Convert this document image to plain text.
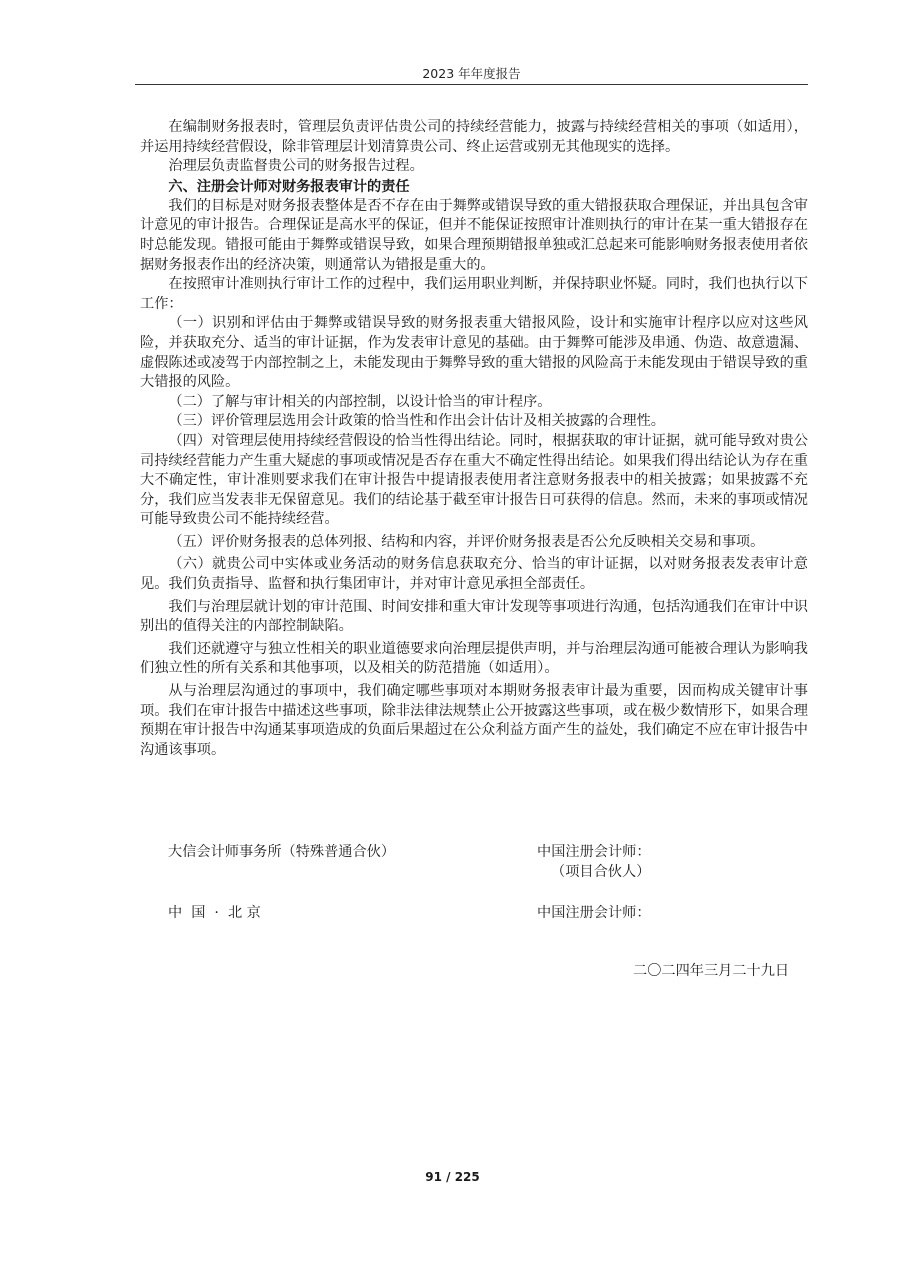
2023 年年度报告

在编制财务报表时，管理层负责评估贵公司的持续经营能力，披露与持续经营相关的事项（如适用），并运用持续经营假设，除非管理层计划清算贵公司、终止运营或别无其他现实的选择。

治理层负责监督贵公司的财务报告过程。

六、注册会计师对财务报表审计的责任

我们的目标是对财务报表整体是否不存在由于舞弊或错误导致的重大错报获取合理保证，并出具包含审计意见的审计报告。合理保证是高水平的保证，但并不能保证按照审计准则执行的审计在某一重大错报存在时总能发现。错报可能由于舞弊或错误导致，如果合理预期错报单独或汇总起来可能影响财务报表使用者依据财务报表作出的经济决策，则通常认为错报是重大的。

在按照审计准则执行审计工作的过程中，我们运用职业判断，并保持职业怀疑。同时，我们也执行以下工作：

（一）识别和评估由于舞弊或错误导致的财务报表重大错报风险，设计和实施审计程序以应对这些风险，并获取充分、适当的审计证据，作为发表审计意见的基础。由于舞弊可能涉及串通、伪造、故意遗漏、虚假陈述或凌驾于内部控制之上，未能发现由于舞弊导致的重大错报的风险高于未能发现由于错误导致的重大错报的风险。

（二）了解与审计相关的内部控制，以设计恰当的审计程序。

（三）评价管理层选用会计政策的恰当性和作出会计估计及相关披露的合理性。

（四）对管理层使用持续经营假设的恰当性得出结论。同时，根据获取的审计证据，就可能导致对贵公司持续经营能力产生重大疑虑的事项或情况是否存在重大不确定性得出结论。如果我们得出结论认为存在重大不确定性，审计准则要求我们在审计报告中提请报表使用者注意财务报表中的相关披露；如果披露不充分，我们应当发表非无保留意见。我们的结论基于截至审计报告日可获得的信息。然而，未来的事项或情况可能导致贵公司不能持续经营。

（五）评价财务报表的总体列报、结构和内容，并评价财务报表是否公允反映相关交易和事项。

（六）就贵公司中实体或业务活动的财务信息获取充分、恰当的审计证据，以对财务报表发表审计意见。我们负责指导、监督和执行集团审计，并对审计意见承担全部责任。

我们与治理层就计划的审计范围、时间安排和重大审计发现等事项进行沟通，包括沟通我们在审计中识别出的值得关注的内部控制缺陷。

我们还就遵守与独立性相关的职业道德要求向治理层提供声明，并与治理层沟通可能被合理认为影响我们独立性的所有关系和其他事项，以及相关的防范措施（如适用）。

从与治理层沟通过的事项中，我们确定哪些事项对本期财务报表审计最为重要，因而构成关键审计事项。我们在审计报告中描述这些事项，除非法律法规禁止公开披露这些事项，或在极少数情形下，如果合理预期在审计报告中沟通某事项造成的负面后果超过在公众利益方面产生的益处，我们确定不应在审计报告中沟通该事项。

大信会计师事务所（特殊普通合伙）	中国注册会计师：
（项目合伙人）
中  国  ·  北 京	中国注册会计师：
二〇二四年三月二十九日
91 / 225
